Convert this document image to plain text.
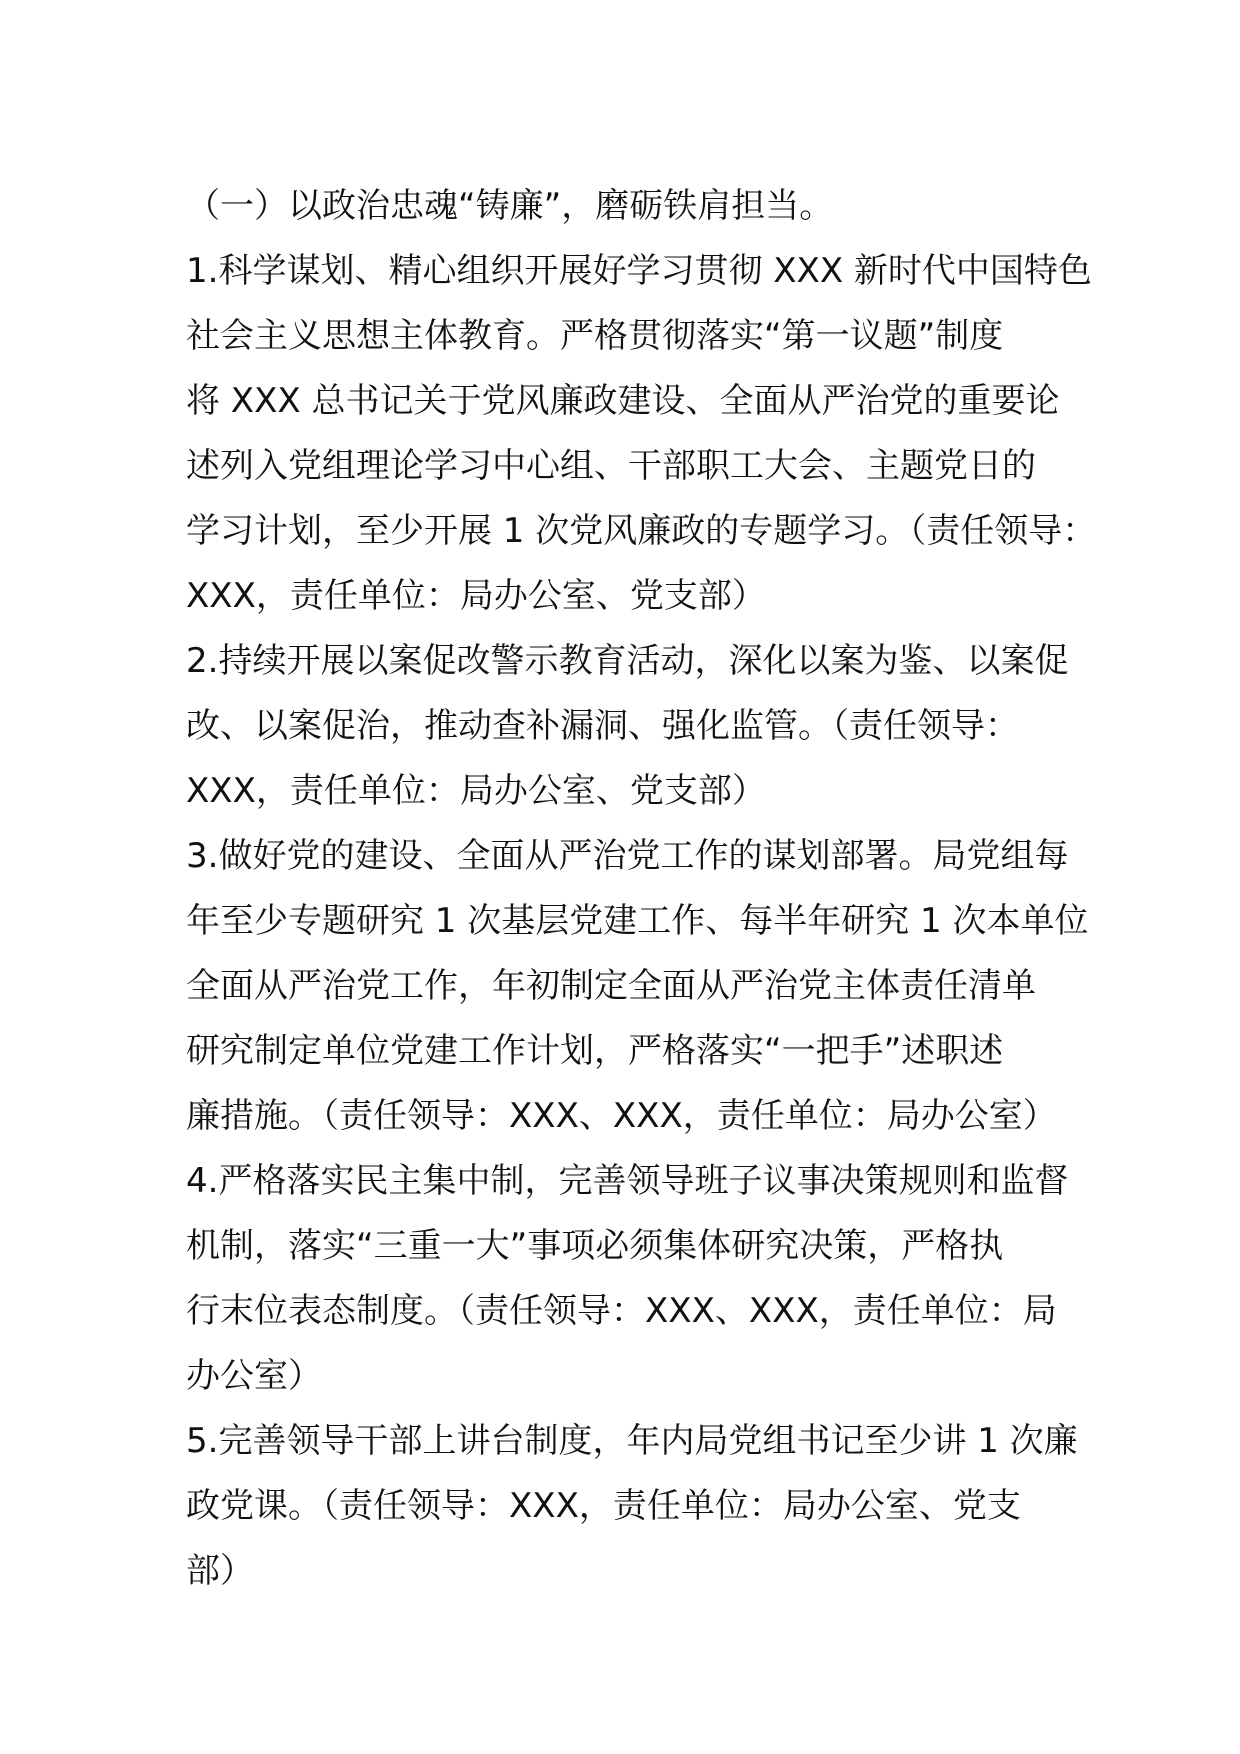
（一）以政治忠魂“铸廉”，磨砺铁肩担当。
1.科学谋划、精心组织开展好学习贯彻 XXX 新时代中国特色
社会主义思想主体教育。严格贯彻落实“第一议题”制度
将 XXX 总书记关于党风廉政建设、全面从严治党的重要论
述列入党组理论学习中心组、干部职工大会、主题党日的
学习计划，至少开展 1 次党风廉政的专题学习。（责任领导：
XXX，责任单位：局办公室、党支部）
2.持续开展以案促改警示教育活动，深化以案为鉴、以案促
改、以案促治，推动查补漏洞、强化监管。（责任领导：
XXX，责任单位：局办公室、党支部）
3.做好党的建设、全面从严治党工作的谋划部署。局党组每
年至少专题研究 1 次基层党建工作、每半年研究 1 次本单位
全面从严治党工作，年初制定全面从严治党主体责任清单
研究制定单位党建工作计划，严格落实“一把手”述职述
廉措施。（责任领导：XXX、XXX，责任单位：局办公室）
4.严格落实民主集中制，完善领导班子议事决策规则和监督
机制，落实“三重一大”事项必须集体研究决策，严格执
行末位表态制度。（责任领导：XXX、XXX，责任单位：局
办公室）
5.完善领导干部上讲台制度，年内局党组书记至少讲 1 次廉
政党课。（责任领导：XXX，责任单位：局办公室、党支
部）
